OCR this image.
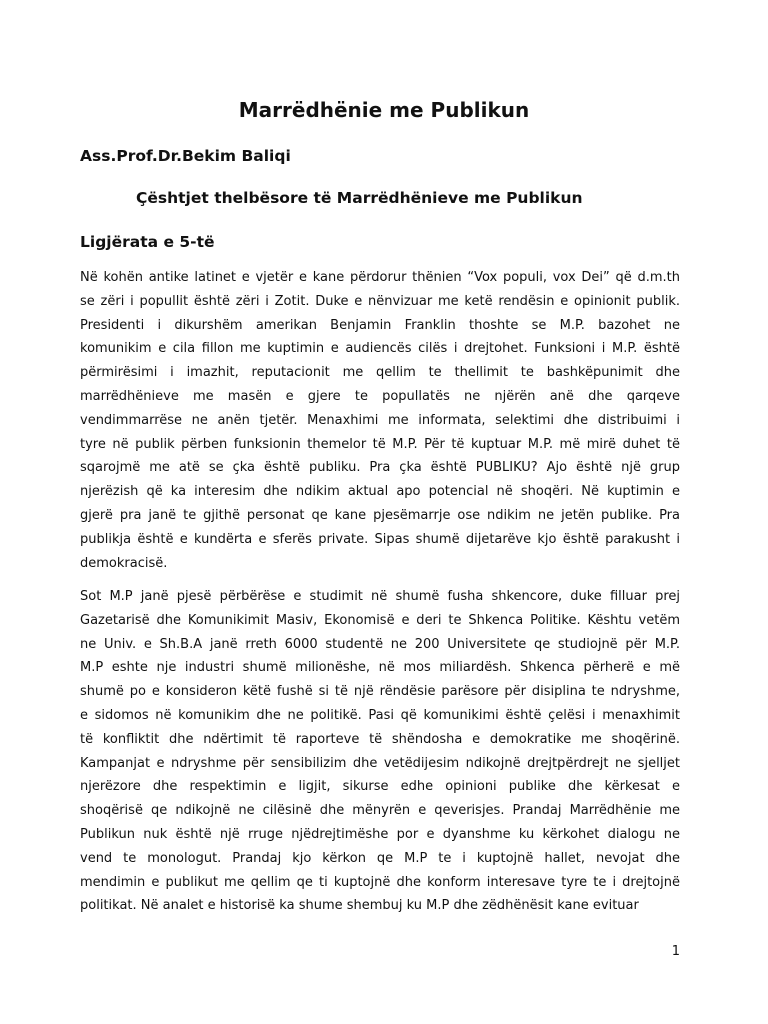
Marrëdhënie me Publikun
Ass.Prof.Dr.Bekim Baliqi
Çështjet thelbësore të Marrëdhënieve me Publikun
Ligjërata e 5-të
Në kohën antike latinet e vjetër e kane përdorur thënien “Vox populi, vox Dei” që d.m.th
se zëri i popullit është zëri i Zotit. Duke e nënvizuar me ketë rendësin e opinionit publik.
Presidenti i dikurshëm amerikan Benjamin Franklin thoshte se M.P. bazohet ne
komunikim e cila fillon me kuptimin e audiencës cilës i drejtohet. Funksioni i M.P. është
përmirësimi i imazhit, reputacionit me qellim te thellimit te bashkëpunimit dhe
marrëdhënieve me masën e gjere te popullatës ne njërën anë dhe qarqeve
vendimmarrëse ne anën tjetër. Menaxhimi me informata, selektimi dhe distribuimi i
tyre në publik përben funksionin themelor të M.P. Për të kuptuar M.P. më mirë duhet të
sqarojmë me atë se çka është publiku. Pra çka është PUBLIKU? Ajo është një grup
njerëzish që ka interesim dhe ndikim aktual apo potencial në shoqëri. Në kuptimin e
gjerë pra janë te gjithë personat qe kane pjesëmarrje ose ndikim ne jetën publike. Pra
publikja është e kundërta e sferës private. Sipas shumë dijetarëve kjo është parakusht i
demokracisë.
Sot M.P janë pjesë përbërëse e studimit në shumë fusha shkencore, duke filluar prej
Gazetarisë dhe Komunikimit Masiv, Ekonomisë e deri te Shkenca Politike. Kështu vetëm
ne Univ. e Sh.B.A janë rreth 6000 studentë ne 200 Universitete qe studiojnë për M.P.
M.P eshte nje industri shumë milionëshe, në mos miliardësh. Shkenca përherë e më
shumë po e konsideron këtë fushë si të një rëndësie parësore për disiplina te ndryshme,
e sidomos në komunikim dhe ne politikë. Pasi që komunikimi është çelësi i menaxhimit
të konfliktit dhe ndërtimit të raporteve të shëndosha e demokratike me shoqërinë.
Kampanjat e ndryshme për sensibilizim dhe vetëdijesim ndikojnë drejtpërdrejt ne sjelljet
njerëzore dhe respektimin e ligjit, sikurse edhe opinioni publike dhe kërkesat e
shoqërisë qe ndikojnë ne cilësinë dhe mënyrën e qeverisjes. Prandaj Marrëdhënie me
Publikun nuk është një rruge njëdrejtimëshe por e dyanshme ku kërkohet dialogu ne
vend te monologut. Prandaj kjo kërkon qe M.P te i kuptojnë hallet, nevojat dhe
mendimin e publikut me qellim qe ti kuptojnë dhe konform interesave tyre te i drejtojnë
politikat. Në analet e historisë ka shume shembuj ku M.P dhe zëdhënësit kane evituar
1
